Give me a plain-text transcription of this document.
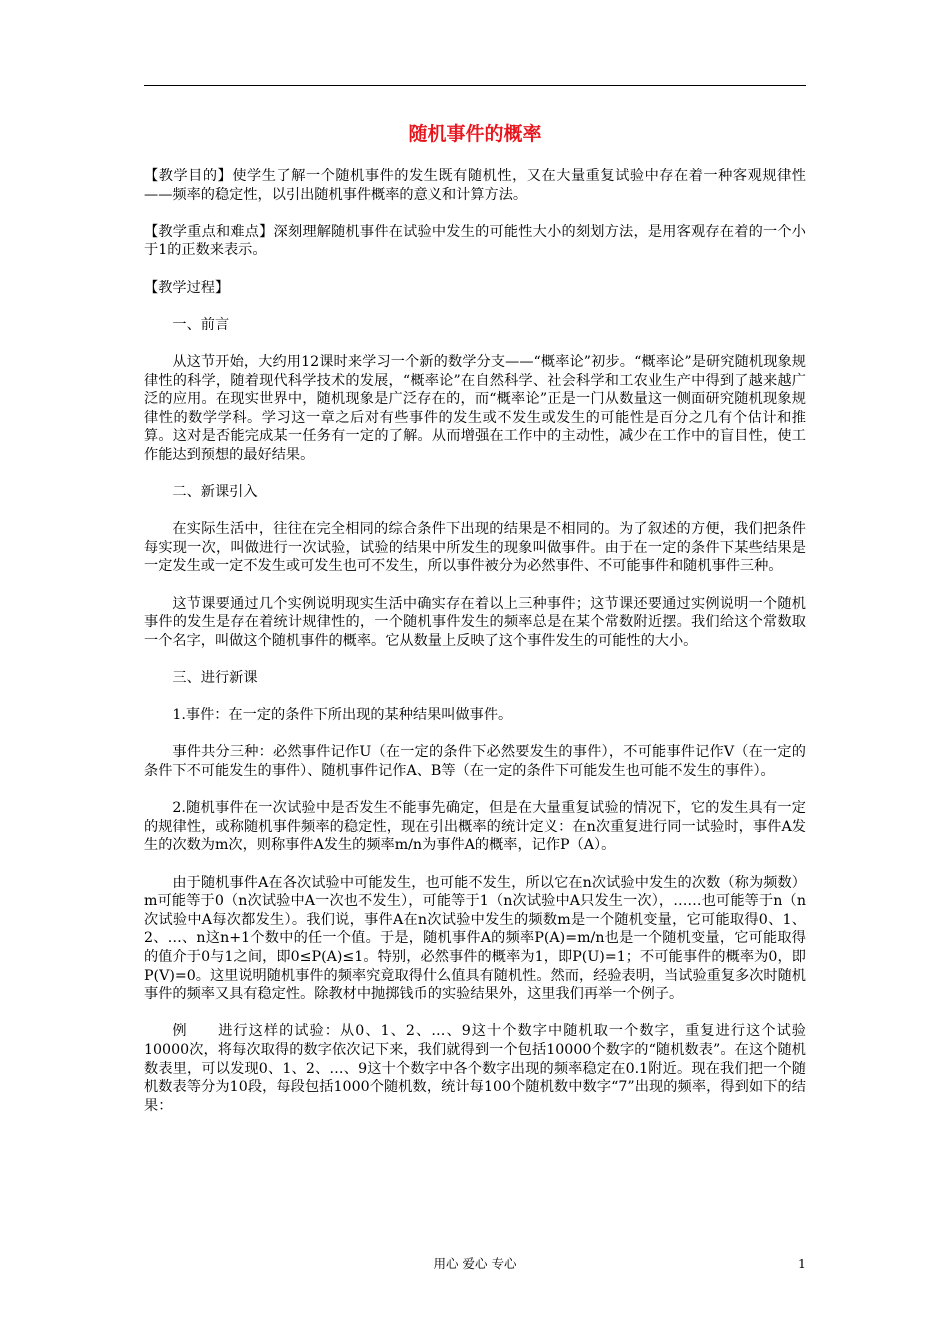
随机事件的概率

【教学目的】使学生了解一个随机事件的发生既有随机性，又在大量重复试验中存在着一种客观规律性——频率的稳定性，以引出随机事件概率的意义和计算方法。

【教学重点和难点】深刻理解随机事件在试验中发生的可能性大小的刻划方法，是用客观存在着的一个小于1的正数来表示。

【教学过程】

一、前言

从这节开始，大约用12课时来学习一个新的数学分支——“概率论”初步。“概率论”是研究随机现象规律性的科学，随着现代科学技术的发展，“概率论”在自然科学、社会科学和工农业生产中得到了越来越广泛的应用。在现实世界中，随机现象是广泛存在的，而“概率论”正是一门从数量这一侧面研究随机现象规律性的数学学科。学习这一章之后对有些事件的发生或不发生或发生的可能性是百分之几有个估计和推算。这对是否能完成某一任务有一定的了解。从而增强在工作中的主动性，减少在工作中的盲目性，使工作能达到预想的最好结果。

二、新课引入

在实际生活中，往往在完全相同的综合条件下出现的结果是不相同的。为了叙述的方便，我们把条件每实现一次，叫做进行一次试验，试验的结果中所发生的现象叫做事件。由于在一定的条件下某些结果是一定发生或一定不发生或可发生也可不发生，所以事件被分为必然事件、不可能事件和随机事件三种。

这节课要通过几个实例说明现实生活中确实存在着以上三种事件；这节课还要通过实例说明一个随机事件的发生是存在着统计规律性的，一个随机事件发生的频率总是在某个常数附近摆。我们给这个常数取一个名字，叫做这个随机事件的概率。它从数量上反映了这个事件发生的可能性的大小。

三、进行新课

1.事件：在一定的条件下所出现的某种结果叫做事件。

事件共分三种：必然事件记作U（在一定的条件下必然要发生的事件），不可能事件记作V（在一定的条件下不可能发生的事件）、随机事件记作A、B等（在一定的条件下可能发生也可能不发生的事件）。

2.随机事件在一次试验中是否发生不能事先确定，但是在大量重复试验的情况下，它的发生具有一定的规律性，或称随机事件频率的稳定性，现在引出概率的统计定义：在n次重复进行同一试验时，事件A发生的次数为m次，则称事件A发生的频率m/n为事件A的概率，记作P（A）。

由于随机事件A在各次试验中可能发生，也可能不发生，所以它在n次试验中发生的次数（称为频数）m可能等于0（n次试验中A一次也不发生），可能等于1（n次试验中A只发生一次），……也可能等于n（n次试验中A每次都发生）。我们说，事件A在n次试验中发生的频数m是一个随机变量，它可能取得0、1、2、…、n这n+1个数中的任一个值。于是，随机事件A的频率P(A)=m/n也是一个随机变量，它可能取得的值介于0与1之间，即0≤P(A)≤1。特别，必然事件的概率为1，即P(U)=1；不可能事件的概率为0，即P(V)=0。这里说明随机事件的频率究竟取得什么值具有随机性。然而，经验表明，当试验重复多次时随机事件的频率又具有稳定性。除教材中抛掷钱币的实验结果外，这里我们再举一个例子。

例　　进行这样的试验：从0、1、2、…、9这十个数字中随机取一个数字，重复进行这个试验10000次，将每次取得的数字依次记下来，我们就得到一个包括10000个数字的“随机数表”。在这个随机数表里，可以发现0、1、2、…、9这十个数字中各个数字出现的频率稳定在0.1附近。现在我们把一个随机数表等分为10段，每段包括1000个随机数，统计每100个随机数中数字“7”出现的频率，得到如下的结果：

用心 爱心 专心	1
